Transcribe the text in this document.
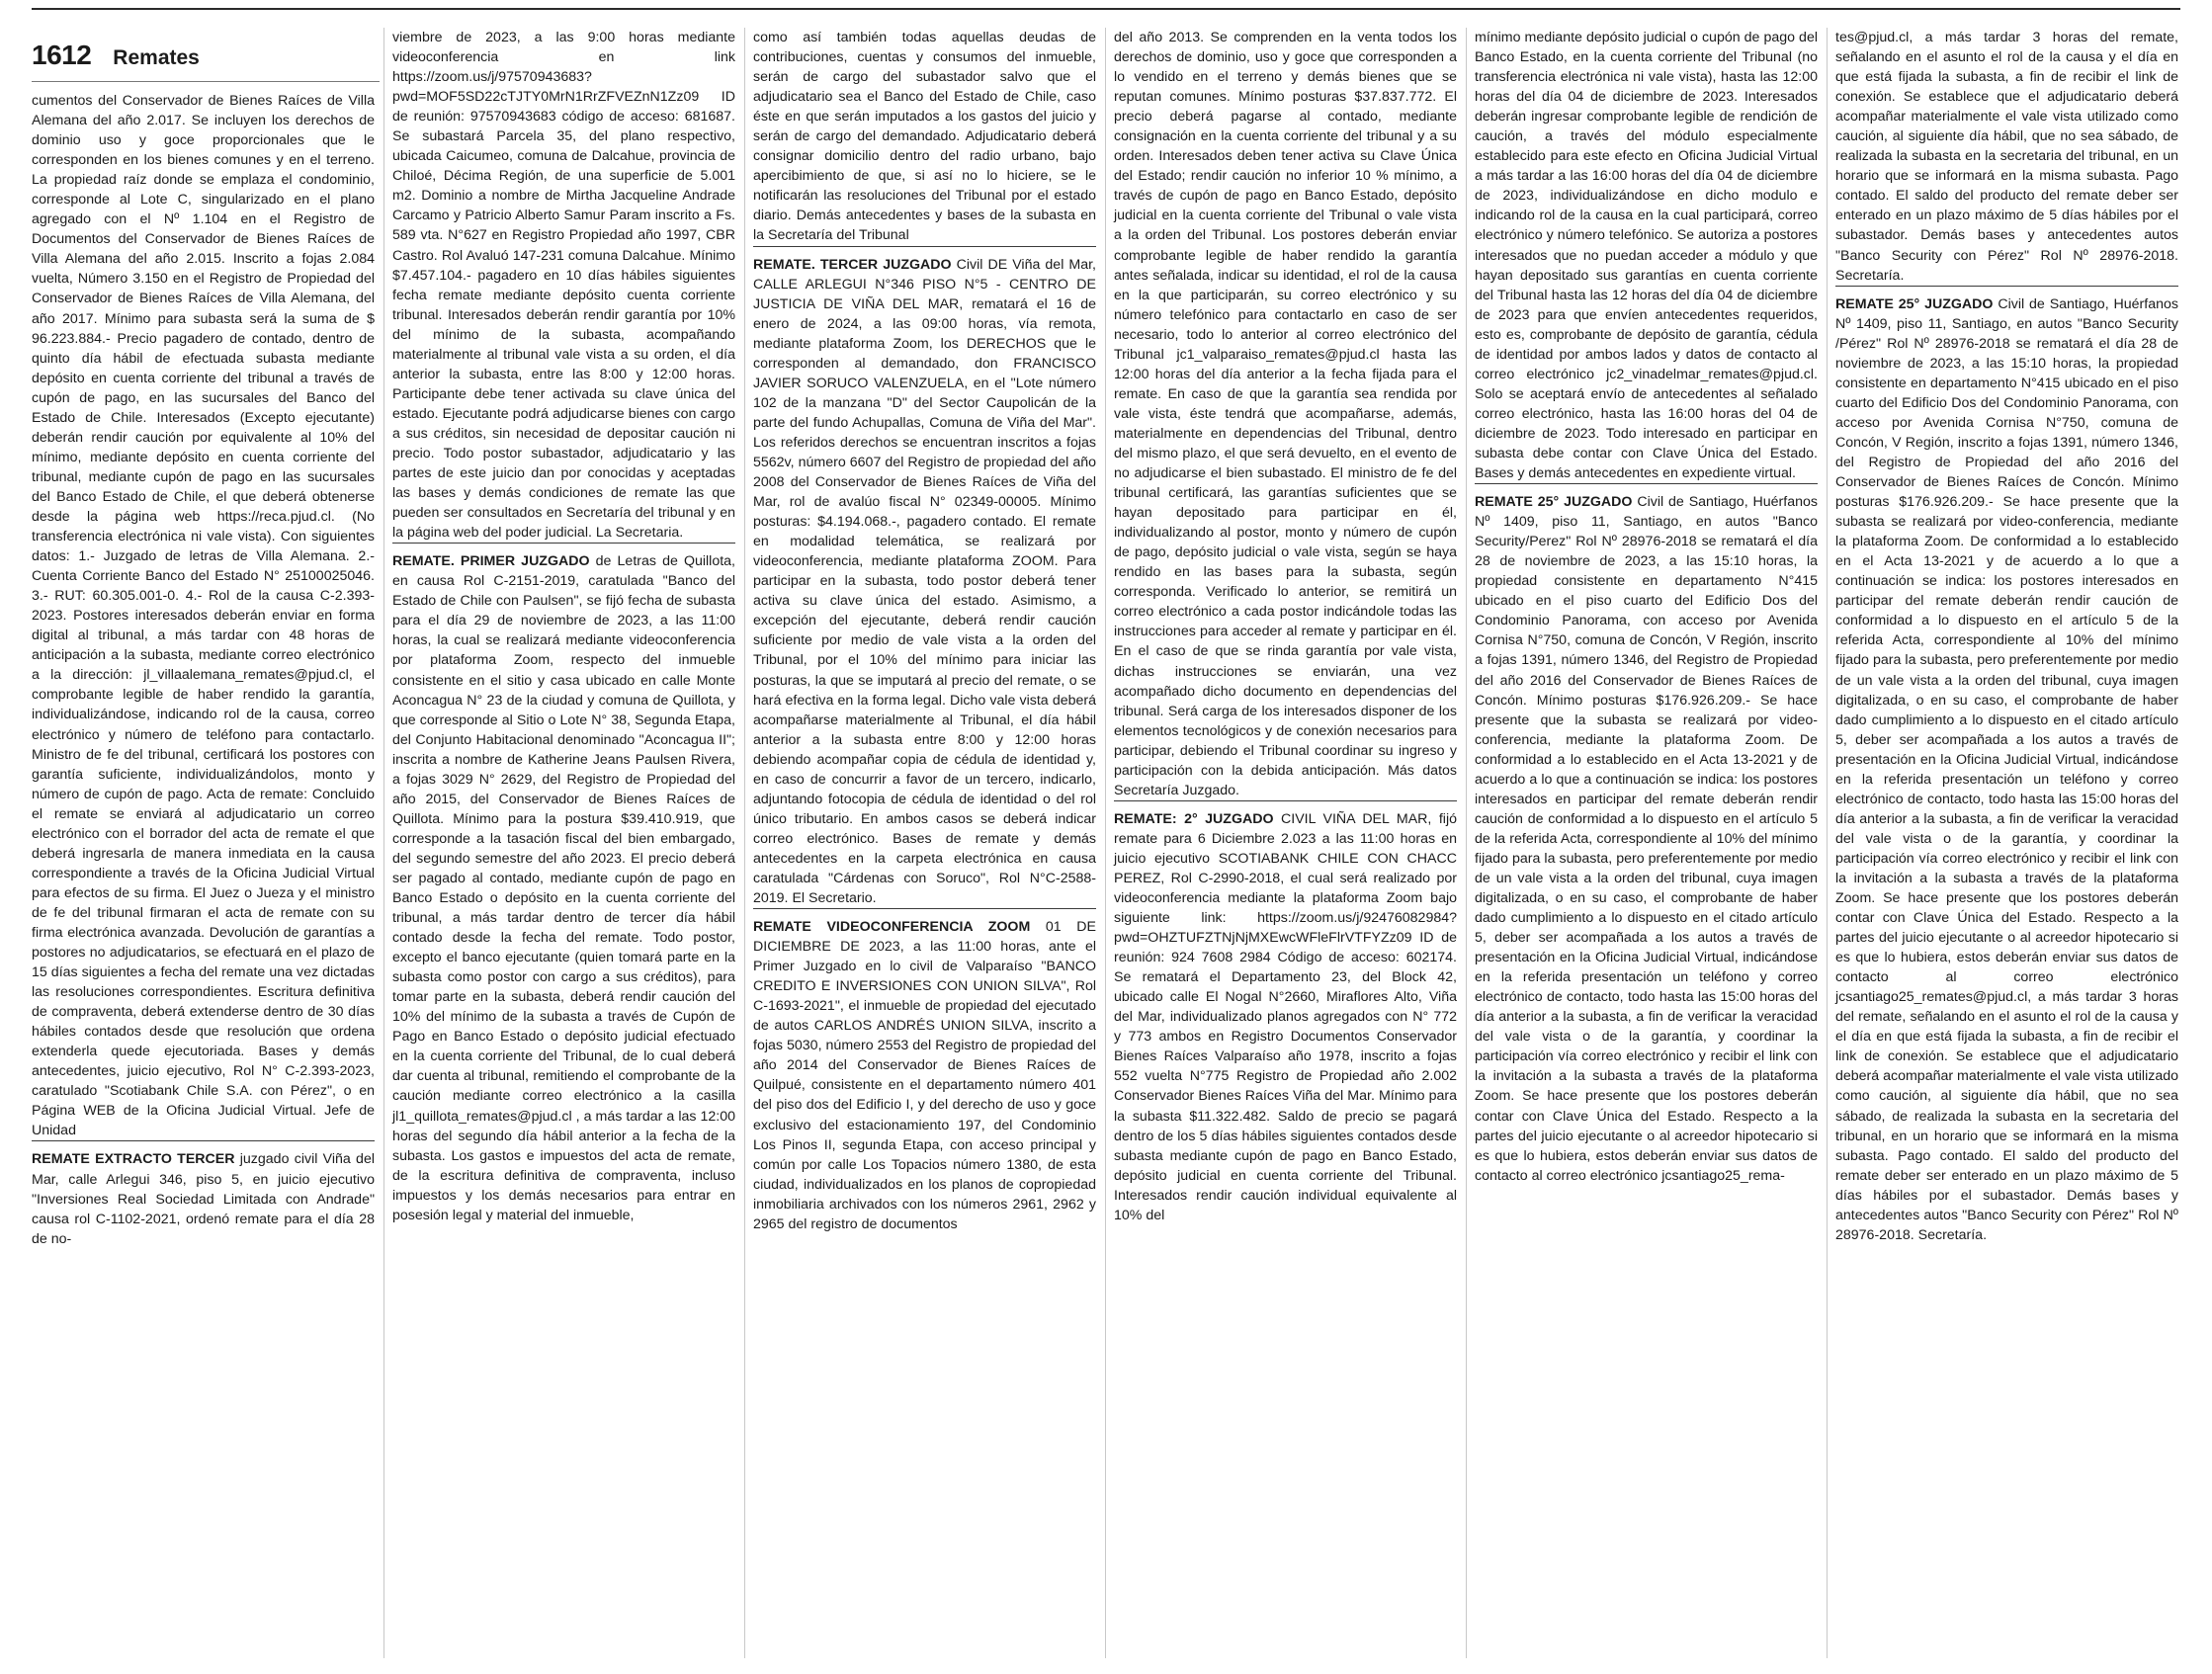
1612 Remates

cumentos del Conservador de Bienes Raíces de Villa Alemana del año 2.017. Se incluyen los derechos de dominio uso y goce proporcionales que le corresponden en los bienes comunes y en el terreno. La propiedad raíz donde se emplaza el condominio, corresponde al Lote C, singularizado en el plano agregado con el Nº 1.104 en el Registro de Documentos del Conservador de Bienes Raíces de Villa Alemana del año 2.015. Inscrito a fojas 2.084 vuelta, Número 3.150 en el Registro de Propiedad del Conservador de Bienes Raíces de Villa Alemana, del año 2017. Mínimo para subasta será la suma de $ 96.223.884.- Precio pagadero de contado, dentro de quinto día hábil de efectuada subasta mediante depósito en cuenta corriente del tribunal a través de cupón de pago, en las sucursales del Banco del Estado de Chile. Interesados (Excepto ejecutante) deberán rendir caución por equivalente al 10% del mínimo, mediante depósito en cuenta corriente del tribunal, mediante cupón de pago en las sucursales del Banco Estado de Chile, el que deberá obtenerse desde la página web https://reca.pjud.cl. (No transferencia electrónica ni vale vista). Con siguientes datos: 1.- Juzgado de letras de Villa Alemana. 2.- Cuenta Corriente Banco del Estado N° 25100025046. 3.- RUT: 60.305.001-0. 4.- Rol de la causa C-2.393-2023. Postores interesados deberán enviar en forma digital al tribunal, a más tardar con 48 horas de anticipación a la subasta, mediante correo electrónico a la dirección: jl_villaalemana_remates@pjud.cl, el comprobante legible de haber rendido la garantía, individualizándose, indicando rol de la causa, correo electrónico y número de teléfono para contactarlo. Ministro de fe del tribunal, certificará los postores con garantía suficiente, individualizándolos, monto y número de cupón de pago. Acta de remate: Concluido el remate se enviará al adjudicatario un correo electrónico con el borrador del acta de remate el que deberá ingresarla de manera inmediata en la causa correspondiente a través de la Oficina Judicial Virtual para efectos de su firma. El Juez o Jueza y el ministro de fe del tribunal firmaran el acta de remate con su firma electrónica avanzada. Devolución de garantías a postores no adjudicatarios, se efectuará en el plazo de 15 días siguientes a fecha del remate una vez dictadas las resoluciones correspondientes. Escritura definitiva de compraventa, deberá extenderse dentro de 30 días hábiles contados desde que resolución que ordena extenderla quede ejecutoriada. Bases y demás antecedentes, juicio ejecutivo, Rol N° C-2.393-2023, caratulado "Scotiabank Chile S.A. con Pérez", o en Página WEB de la Oficina Judicial Virtual. Jefe de Unidad

REMATE EXTRACTO TERCER juzgado civil Viña del Mar, calle Arlegui 346, piso 5, en juicio ejecutivo "Inversiones Real Sociedad Limitada con Andrade" causa rol C-1102-2021, ordenó remate para el día 28 de no-

viembre de 2023, a las 9:00 horas mediante videoconferencia en link https://zoom.us/j/97570943683?pwd=MOF5SD22cTJTY0MrN1RrZFVEZnN1Zz09 ID de reunión: 97570943683 código de acceso: 681687. Se subastará Parcela 35, del plano respectivo, ubicada Caicumeo, comuna de Dalcahue, provincia de Chiloé, Décima Región, de una superficie de 5.001 m2. Dominio a nombre de Mirtha Jacqueline Andrade Carcamo y Patricio Alberto Samur Param inscrito a Fs. 589 vta. N°627 en Registro Propiedad año 1997, CBR Castro. Rol Avaluó 147-231 comuna Dalcahue. Mínimo $7.457.104.- pagadero en 10 días hábiles siguientes fecha remate mediante depósito cuenta corriente tribunal. Interesados deberán rendir garantía por 10% del mínimo de la subasta, acompañando materialmente al tribunal vale vista a su orden, el día anterior la subasta, entre las 8:00 y 12:00 horas. Participante debe tener activada su clave única del estado. Ejecutante podrá adjudicarse bienes con cargo a sus créditos, sin necesidad de depositar caución ni precio. Todo postor subastador, adjudicatario y las partes de este juicio dan por conocidas y aceptadas las bases y demás condiciones de remate las que pueden ser consultados en Secretaría del tribunal y en la página web del poder judicial. La Secretaria.

REMATE. PRIMER JUZGADO de Letras de Quillota, en causa Rol C-2151-2019, caratulada "Banco del Estado de Chile con Paulsen", se fijó fecha de subasta para el día 29 de noviembre de 2023, a las 11:00 horas, la cual se realizará mediante videoconferencia por plataforma Zoom, respecto del inmueble consistente en el sitio y casa ubicado en calle Monte Aconcagua N° 23 de la ciudad y comuna de Quillota, y que corresponde al Sitio o Lote N° 38, Segunda Etapa, del Conjunto Habitacional denominado "Aconcagua II"; inscrita a nombre de Katherine Jeans Paulsen Rivera, a fojas 3029 N° 2629, del Registro de Propiedad del año 2015, del Conservador de Bienes Raíces de Quillota. Mínimo para la postura $39.410.919, que corresponde a la tasación fiscal del bien embargado, del segundo semestre del año 2023. El precio deberá ser pagado al contado, mediante cupón de pago en Banco Estado o depósito en la cuenta corriente del tribunal, a más tardar dentro de tercer día hábil contado desde la fecha del remate. Todo postor, excepto el banco ejecutante (quien tomará parte en la subasta como postor con cargo a sus créditos), para tomar parte en la subasta, deberá rendir caución del 10% del mínimo de la subasta a través de Cupón de Pago en Banco Estado o depósito judicial efectuado en la cuenta corriente del Tribunal, de lo cual deberá dar cuenta al tribunal, remitiendo el comprobante de la caución mediante correo electrónico a la casilla jl1_quillota_remates@pjud.cl , a más tardar a las 12:00 horas del segundo día hábil anterior a la fecha de la subasta. Los gastos e impuestos del acta de remate, de la escritura definitiva de compraventa, incluso impuestos y los demás necesarios para entrar en posesión legal y material del inmueble,

como así también todas aquellas deudas de contribuciones, cuentas y consumos del inmueble, serán de cargo del subastador salvo que el adjudicatario sea el Banco del Estado de Chile, caso éste en que serán imputados a los gastos del juicio y serán de cargo del demandado. Adjudicatario deberá consignar domicilio dentro del radio urbano, bajo apercibimiento de que, si así no lo hiciere, se le notificarán las resoluciones del Tribunal por el estado diario. Demás antecedentes y bases de la subasta en la Secretaría del Tribunal

REMATE. TERCER JUZGADO Civil DE Viña del Mar, CALLE ARLEGUI N°346 PISO N°5 - CENTRO DE JUSTICIA DE VIÑA DEL MAR, rematará el 16 de enero de 2024, a las 09:00 horas, vía remota, mediante plataforma Zoom, los DERECHOS que le corresponden al demandado, don FRANCISCO JAVIER SORUCO VALENZUELA, en el "Lote número 102 de la manzana "D" del Sector Caupolicán de la parte del fundo Achupallas, Comuna de Viña del Mar". Los referidos derechos se encuentran inscritos a fojas 5562v, número 6607 del Registro de propiedad del año 2008 del Conservador de Bienes Raíces de Viña del Mar, rol de avalúo fiscal N° 02349-00005. Mínimo posturas: $4.194.068.-, pagadero contado. El remate en modalidad telemática, se realizará por videoconferencia, mediante plataforma ZOOM. Para participar en la subasta, todo postor deberá tener activa su clave única del estado. Asimismo, a excepción del ejecutante, deberá rendir caución suficiente por medio de vale vista a la orden del Tribunal, por el 10% del mínimo para iniciar las posturas, la que se imputará al precio del remate, o se hará efectiva en la forma legal. Dicho vale vista deberá acompañarse materialmente al Tribunal, el día hábil anterior a la subasta entre 8:00 y 12:00 horas debiendo acompañar copia de cédula de identidad y, en caso de concurrir a favor de un tercero, indicarlo, adjuntando fotocopia de cédula de identidad o del rol único tributario. En ambos casos se deberá indicar correo electrónico. Bases de remate y demás antecedentes en la carpeta electrónica en causa caratulada "Cárdenas con Soruco", Rol N°C-2588-2019. El Secretario.

REMATE VIDEOCONFERENCIA ZOOM 01 DE DICIEMBRE DE 2023, a las 11:00 horas, ante el Primer Juzgado en lo civil de Valparaíso "BANCO CREDITO E INVERSIONES CON UNION SILVA", Rol C-1693-2021", el inmueble de propiedad del ejecutado de autos CARLOS ANDRÉS UNION SILVA, inscrito a fojas 5030, número 2553 del Registro de propiedad del año 2014 del Conservador de Bienes Raíces de Quilpué, consistente en el departamento número 401 del piso dos del Edificio I, y del derecho de uso y goce exclusivo del estacionamiento 197, del Condominio Los Pinos II, segunda Etapa, con acceso principal y común por calle Los Topacios número 1380, de esta ciudad, individualizados en los planos de copropiedad inmobiliaria archivados con los números 2961, 2962 y 2965 del registro de documentos

del año 2013. Se comprenden en la venta todos los derechos de dominio, uso y goce que corresponden a lo vendido en el terreno y demás bienes que se reputan comunes. Mínimo posturas $37.837.772. El precio deberá pagarse al contado, mediante consignación en la cuenta corriente del tribunal y a su orden. Interesados deben tener activa su Clave Única del Estado; rendir caución no inferior 10 % mínimo, a través de cupón de pago en Banco Estado, depósito judicial en la cuenta corriente del Tribunal o vale vista a la orden del Tribunal. Los postores deberán enviar comprobante legible de haber rendido la garantía antes señalada, indicar su identidad, el rol de la causa en la que participarán, su correo electrónico y su número telefónico para contactarlo en caso de ser necesario, todo lo anterior al correo electrónico del Tribunal jc1_valparaiso_remates@pjud.cl hasta las 12:00 horas del día anterior a la fecha fijada para el remate. En caso de que la garantía sea rendida por vale vista, éste tendrá que acompañarse, además, materialmente en dependencias del Tribunal, dentro del mismo plazo, el que será devuelto, en el evento de no adjudicarse el bien subastado. El ministro de fe del tribunal certificará, las garantías suficientes que se hayan depositado para participar en él, individualizando al postor, monto y número de cupón de pago, depósito judicial o vale vista, según se haya rendido en las bases para la subasta, según corresponda. Verificado lo anterior, se remitirá un correo electrónico a cada postor indicándole todas las instrucciones para acceder al remate y participar en él. En el caso de que se rinda garantía por vale vista, dichas instrucciones se enviarán, una vez acompañado dicho documento en dependencias del tribunal. Será carga de los interesados disponer de los elementos tecnológicos y de conexión necesarios para participar, debiendo el Tribunal coordinar su ingreso y participación con la debida anticipación. Más datos Secretaría Juzgado.

REMATE: 2° JUZGADO CIVIL VIÑA DEL MAR, fijó remate para 6 Diciembre 2.023 a las 11:00 horas en juicio ejecutivo SCOTIABANK CHILE CON CHACC PEREZ, Rol C-2990-2018, el cual será realizado por videoconferencia mediante la plataforma Zoom bajo siguiente link: https://zoom.us/j/92476082984?pwd=OHZTUFZTNjNjMXEwcWFleFlrVTFYZz09 ID de reunión: 924 7608 2984 Código de acceso: 602174. Se rematará el Departamento 23, del Block 42, ubicado calle El Nogal N°2660, Miraflores Alto, Viña del Mar, individualizado planos agregados con N° 772 y 773 ambos en Registro Documentos Conservador Bienes Raíces Valparaíso año 1978, inscrito a fojas 552 vuelta N°775 Registro de Propiedad año 2.002 Conservador Bienes Raíces Viña del Mar. Mínimo para la subasta $11.322.482. Saldo de precio se pagará dentro de los 5 días hábiles siguientes contados desde subasta mediante cupón de pago en Banco Estado, depósito judicial en cuenta corriente del Tribunal. Interesados rendir caución individual equivalente al 10% del

mínimo mediante depósito judicial o cupón de pago del Banco Estado, en la cuenta corriente del Tribunal (no transferencia electrónica ni vale vista), hasta las 12:00 horas del día 04 de diciembre de 2023. Interesados deberán ingresar comprobante legible de rendición de caución, a través del módulo especialmente establecido para este efecto en Oficina Judicial Virtual a más tardar a las 16:00 horas del día 04 de diciembre de 2023, individualizándose en dicho modulo e indicando rol de la causa en la cual participará, correo electrónico y número telefónico. Se autoriza a postores interesados que no puedan acceder a módulo y que hayan depositado sus garantías en cuenta corriente del Tribunal hasta las 12 horas del día 04 de diciembre de 2023 para que envíen antecedentes requeridos, esto es, comprobante de depósito de garantía, cédula de identidad por ambos lados y datos de contacto al correo electrónico jc2_vinadelmar_remates@pjud.cl. Solo se aceptará envío de antecedentes al señalado correo electrónico, hasta las 16:00 horas del 04 de diciembre de 2023. Todo interesado en participar en subasta debe contar con Clave Única del Estado. Bases y demás antecedentes en expediente virtual.

REMATE 25° JUZGADO Civil de Santiago, Huérfanos Nº 1409, piso 11, Santiago, en autos "Banco Security/Perez" Rol Nº 28976-2018 se rematará el día 28 de noviembre de 2023, a las 15:10 horas, la propiedad consistente en departamento N°415 ubicado en el piso cuarto del Edificio Dos del Condominio Panorama, con acceso por Avenida Cornisa N°750, comuna de Concón, V Región, inscrito a fojas 1391, número 1346, del Registro de Propiedad del año 2016 del Conservador de Bienes Raíces de Concón. Mínimo posturas $176.926.209.- Se hace presente que la subasta se realizará por video-conferencia, mediante la plataforma Zoom. De conformidad a lo establecido en el Acta 13-2021 y de acuerdo a lo que a continuación se indica: los postores interesados en participar del remate deberán rendir caución de conformidad a lo dispuesto en el artículo 5 de la referida Acta, correspondiente al 10% del mínimo fijado para la subasta, pero preferentemente por medio de un vale vista a la orden del tribunal, cuya imagen digitalizada, o en su caso, el comprobante de haber dado cumplimiento a lo dispuesto en el citado artículo 5, deber ser acompañada a los autos a través de presentación en la Oficina Judicial Virtual, indicándose en la referida presentación un teléfono y correo electrónico de contacto, todo hasta las 15:00 horas del día anterior a la subasta, a fin de verificar la veracidad del vale vista o de la garantía, y coordinar la participación vía correo electrónico y recibir el link con la invitación a la subasta a través de la plataforma Zoom. Se hace presente que los postores deberán contar con Clave Única del Estado. Respecto a la partes del juicio ejecutante o al acreedor hipotecario si es que lo hubiera, estos deberán enviar sus datos de contacto al correo electrónico jcsantiago25_rema-

tes@pjud.cl, a más tardar 3 horas del remate, señalando en el asunto el rol de la causa y el día en que está fijada la subasta, a fin de recibir el link de conexión. Se establece que el adjudicatario deberá acompañar materialmente el vale vista utilizado como caución, al siguiente día hábil, que no sea sábado, de realizada la subasta en la secretaria del tribunal, en un horario que se informará en la misma subasta. Pago contado. El saldo del producto del remate deber ser enterado en un plazo máximo de 5 días hábiles por el subastador. Demás bases y antecedentes autos "Banco Security con Pérez" Rol Nº 28976-2018. Secretaría.

REMATE 25° JUZGADO Civil de Santiago, Huérfanos Nº 1409, piso 11, Santiago, en autos "Banco Security /Pérez" Rol Nº 28976-2018 se rematará el día 28 de noviembre de 2023, a las 15:10 horas, la propiedad consistente en departamento N°415 ubicado en el piso cuarto del Edificio Dos del Condominio Panorama, con acceso por Avenida Cornisa N°750, comuna de Concón, V Región, inscrito a fojas 1391, número 1346, del Registro de Propiedad del año 2016 del Conservador de Bienes Raíces de Concón. Mínimo posturas $176.926.209.- Se hace presente que la subasta se realizará por video-conferencia, mediante la plataforma Zoom. De conformidad a lo establecido en el Acta 13-2021 y de acuerdo a lo que a continuación se indica: los postores interesados en participar del remate deberán rendir caución de conformidad a lo dispuesto en el artículo 5 de la referida Acta, correspondiente al 10% del mínimo fijado para la subasta, pero preferentemente por medio de un vale vista a la orden del tribunal, cuya imagen digitalizada, o en su caso, el comprobante de haber dado cumplimiento a lo dispuesto en el citado artículo 5, deber ser acompañada a los autos a través de presentación en la Oficina Judicial Virtual, indicándose en la referida presentación un teléfono y correo electrónico de contacto, todo hasta las 15:00 horas del día anterior a la subasta, a fin de verificar la veracidad del vale vista o de la garantía, y coordinar la participación vía correo electrónico y recibir el link con la invitación a la subasta a través de la plataforma Zoom. Se hace presente que los postores deberán contar con Clave Única del Estado. Respecto a la partes del juicio ejecutante o al acreedor hipotecario si es que lo hubiera, estos deberán enviar sus datos de contacto al correo electrónico jcsantiago25_remates@pjud.cl, a más tardar 3 horas del remate, señalando en el asunto el rol de la causa y el día en que está fijada la subasta, a fin de recibir el link de conexión. Se establece que el adjudicatario deberá acompañar materialmente el vale vista utilizado como caución, al siguiente día hábil, que no sea sábado, de realizada la subasta en la secretaria del tribunal, en un horario que se informará en la misma subasta. Pago contado. El saldo del producto del remate deber ser enterado en un plazo máximo de 5 días hábiles por el subastador. Demás bases y antecedentes autos "Banco Security con Pérez" Rol Nº 28976-2018. Secretaría.
